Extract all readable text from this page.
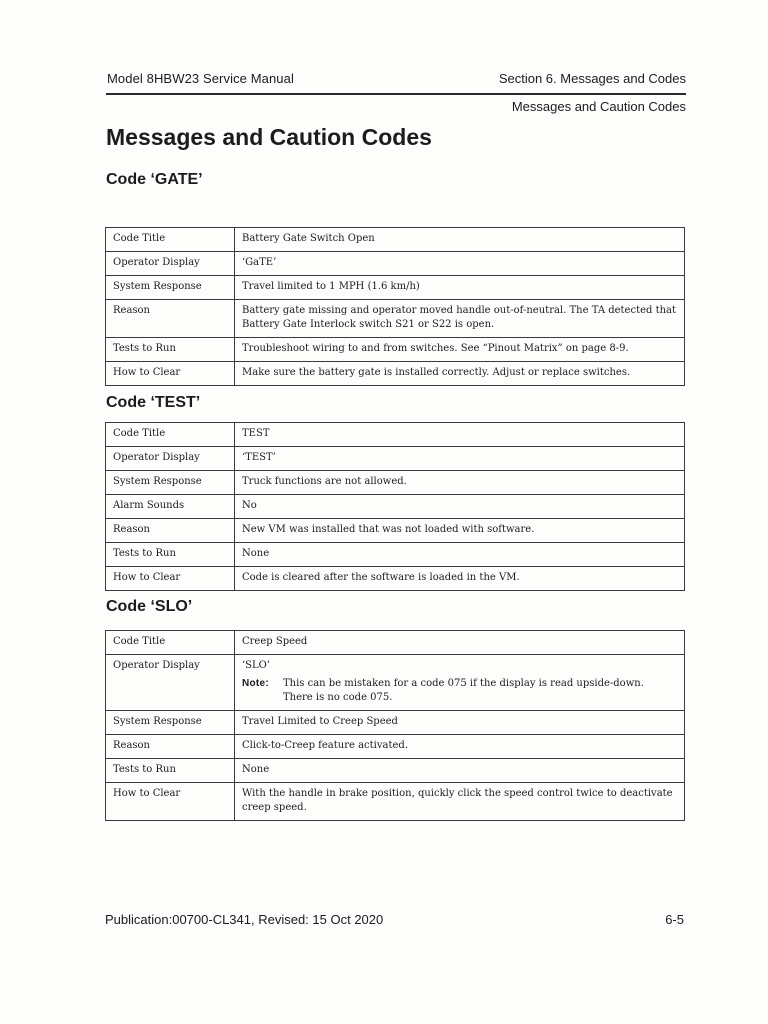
Model 8HBW23 Service Manual	Section 6. Messages and Codes
Messages and Caution Codes
Messages and Caution Codes
Code ‘GATE’
Code Title	Battery Gate Switch Open
Operator Display	‘GaTE’
System Response	Travel limited to 1 MPH (1.6 km/h)
Reason	Battery gate missing and operator moved handle out-of-neutral. The TA detected that Battery Gate Interlock switch S21 or S22 is open.
Tests to Run	Troubleshoot wiring to and from switches. See “Pinout Matrix” on page 8-9.
How to Clear	Make sure the battery gate is installed correctly. Adjust or replace switches.
Code ‘TEST’
Code Title	TEST
Operator Display	‘TEST’
System Response	Truck functions are not allowed.
Alarm Sounds	No
Reason	New VM was installed that was not loaded with software.
Tests to Run	None
How to Clear	Code is cleared after the software is loaded in the VM.
Code ‘SLO’
Code Title	Creep Speed
Operator Display	‘SLO’
Note: This can be mistaken for a code 075 if the display is read upside-down.
There is no code 075.

System Response	Travel Limited to Creep Speed
Reason	Click-to-Creep feature activated.
Tests to Run	None
How to Clear	With the handle in brake position, quickly click the speed control twice to deactivate creep speed.
Publication:00700-CL341, Revised: 15 Oct 2020	6-5
